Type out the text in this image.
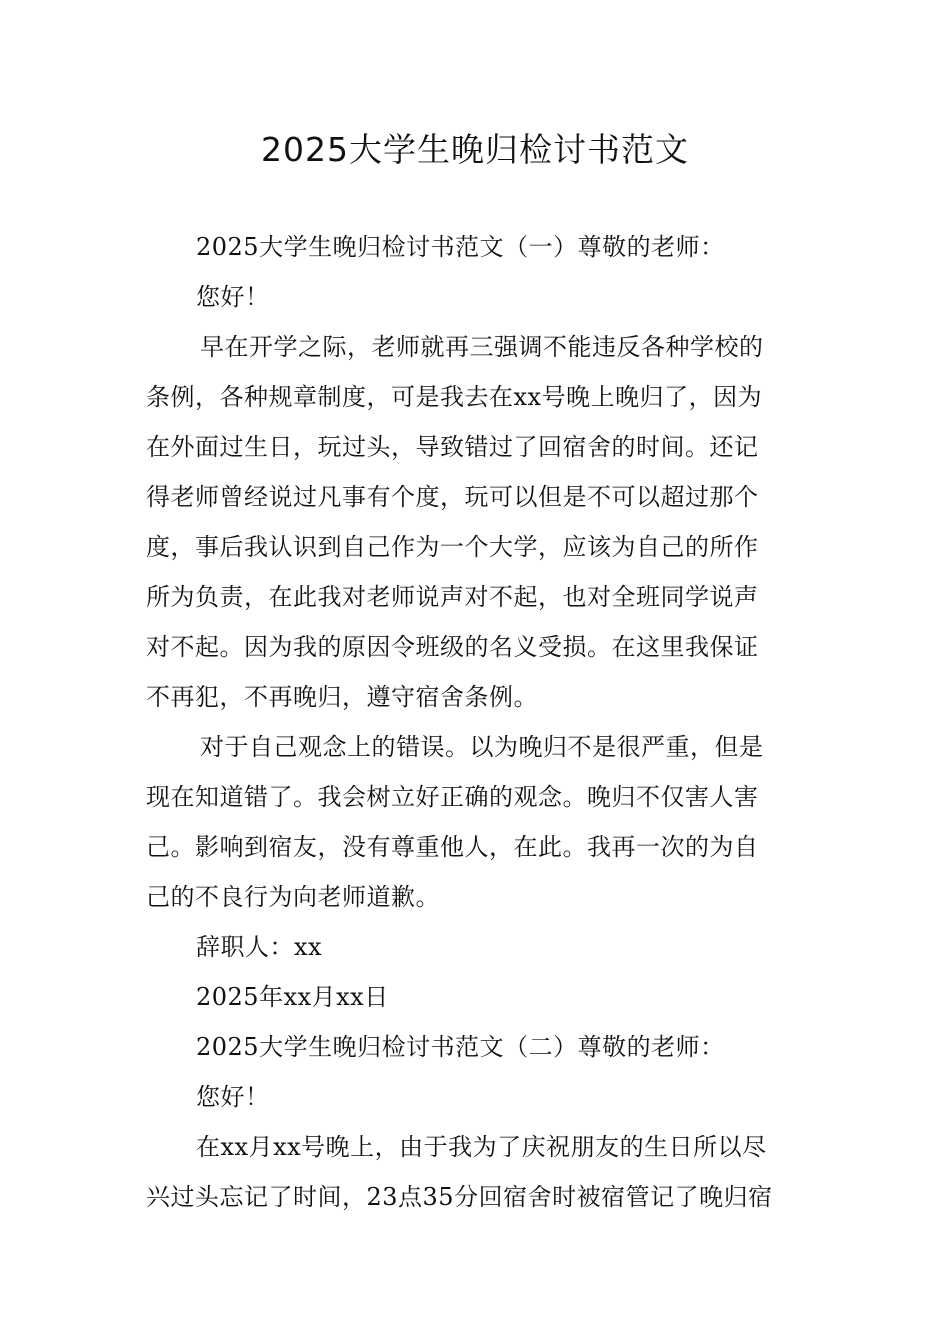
2025大学生晚归检讨书范文
2025大学生晚归检讨书范文（一）尊敬的老师：
您好！
早在开学之际，老师就再三强调不能违反各种学校的
条例，各种规章制度，可是我去在xx号晚上晚归了，因为
在外面过生日，玩过头，导致错过了回宿舍的时间。还记
得老师曾经说过凡事有个度，玩可以但是不可以超过那个
度，事后我认识到自己作为一个大学，应该为自己的所作
所为负责，在此我对老师说声对不起，也对全班同学说声
对不起。因为我的原因令班级的名义受损。在这里我保证
不再犯，不再晚归，遵守宿舍条例。
对于自己观念上的错误。以为晚归不是很严重，但是
现在知道错了。我会树立好正确的观念。晚归不仅害人害
己。影响到宿友，没有尊重他人，在此。我再一次的为自
己的不良行为向老师道歉。
辞职人：xx
2025年xx月xx日
2025大学生晚归检讨书范文（二）尊敬的老师：
您好！
在xx月xx号晚上，由于我为了庆祝朋友的生日所以尽
兴过头忘记了时间，23点35分回宿舍时被宿管记了晚归宿
